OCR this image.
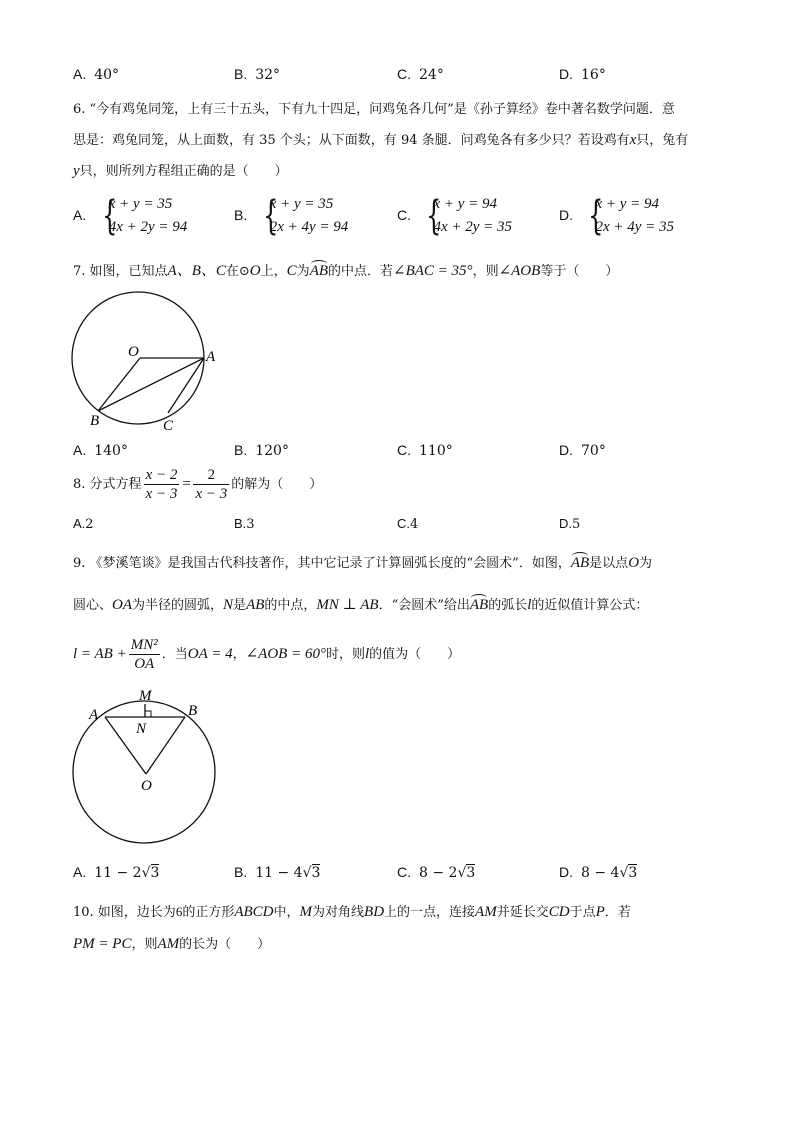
A. 40°	B. 32°	C. 24°	D. 16°
6. “今有鸡兔同笼，上有三十五头，下有九十四足，问鸡兔各几何”是《孙子算经》卷中著名数学问题．意
思是：鸡兔同笼，从上面数，有 35 个头；从下面数，有 94 条腿．问鸡兔各有多少只？若设鸡有x只，兔有
y只，则所列方程组正确的是（　　）
A. {
x + y = 35
4x + 2y = 94
B. {
x + y = 35
2x + 4y = 94
C. {
x + y = 94
4x + 2y = 35
D. {
x + y = 94
2x + 4y = 35
7. 如图，已知点A、B、C在⊙O上，C为AB的中点．若∠BAC = 35°，则∠AOB等于（　　）
O	A
B	C
A. 140°	B. 120°	C. 110°	D. 70°
8. 分式方程 $\frac{x - 2}{x - 3} = \frac{2}{x - 3}$ 的解为（　　）
A.2	B.3	C.4	D.5
9. 《梦溪笔谈》是我国古代科技著作，其中它记录了计算圆弧长度的“会圆术”．如图，AB是以点O为
圆心、OA为半径的圆弧，N是AB的中点，MN ⊥ AB．“会圆术”给出AB的弧长l的近似值计算公式：
l = AB + $\frac{\text{MN²}}{OA}$ ．当OA = 4，∠AOB = 60°时，则l的值为（　　）
M
A	B
N
O
A. 11 − 2√3	B. 11 − 4√3	C. 8 − 2√3	D. 8 − 4√3
10. 如图，边长为6的正方形ABCD中，M为对角线BD上的一点，连接AM并延长交CD于点P．若
PM = PC，则AM的长为（　　）
